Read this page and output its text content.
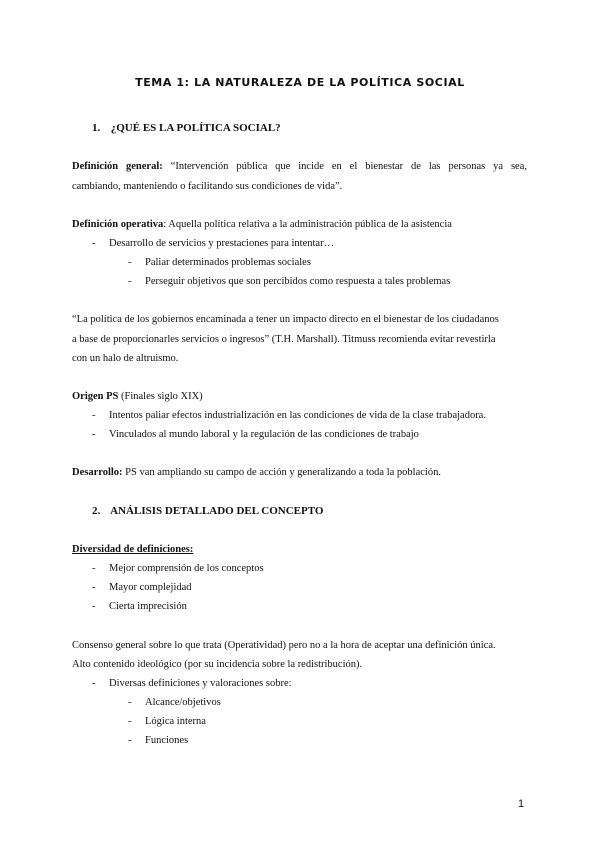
TEMA 1: LA NATURALEZA DE LA POLÍTICA SOCIAL
1. ¿QUÉ ES LA POLÍTICA SOCIAL?
Definición general: “Intervención pública que incide en el bienestar de las personas ya sea,
cambiando, manteniendo o facilitando sus condiciones de vida”.
Definición operativa: Aquella política relativa a la administración pública de la asistencia
- Desarrollo de servicios y prestaciones para intentar…
- Paliar determinados problemas sociales
- Perseguir objetivos que son percibidos como respuesta a tales problemas
“La política de los gobiernos encaminada a tener un impacto directo en el bienestar de los ciudadanos
a base de proporcionarles servicios o ingresos” (T.H. Marshall). Titmuss recomienda evitar revestirla
con un halo de altruismo.
Origen PS (Finales siglo XIX)
- Intentos paliar efectos industrialización en las condiciones de vida de la clase trabajadora.
- Vinculados al mundo laboral y la regulación de las condiciones de trabajo
Desarrollo: PS van ampliando su campo de acción y generalizando a toda la población.
2. ANÁLISIS DETALLADO DEL CONCEPTO
Diversidad de definiciones:
- Mejor comprensión de los conceptos
- Mayor complejidad
- Cierta imprecisión
Consenso general sobre lo que trata (Operatividad) pero no a la hora de aceptar una definición única.
Alto contenido ideológico (por su incidencia sobre la redistribución).
- Diversas definiciones y valoraciones sobre:
- Alcance/objetivos
- Lógica interna
- Funciones
1
